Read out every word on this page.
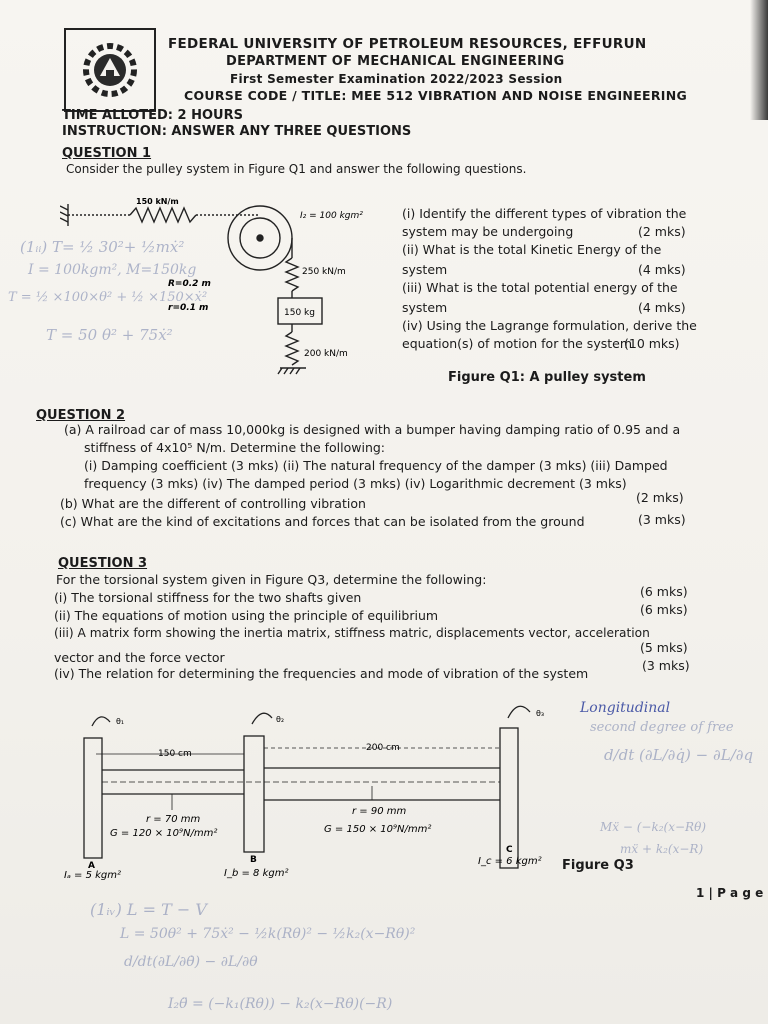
FEDERAL UNIVERSITY OF PETROLEUM RESOURCES, EFFURUN
DEPARTMENT OF MECHANICAL ENGINEERING
First Semester Examination 2022/2023 Session
COURSE CODE / TITLE: MEE 512 VIBRATION AND NOISE ENGINEERING
TIME ALLOTED: 2 HOURS
INSTRUCTION: ANSWER ANY THREE QUESTIONS
QUESTION 1
Consider the pulley system in Figure Q1 and answer the following questions.
150 kN/m
I₂ = 100 kgm²
R=0.2 m
r=0.1 m
250 kN/m
150 kg
200 kN/m
(i) Identify the different types of vibration the
system may be undergoing	(2 mks)
(ii) What is the total Kinetic Energy of the
system	(4 mks)
(iii) What is the total potential energy of the
system	(4 mks)
(iv) Using the Lagrange formulation, derive the
equation(s) of motion for the system
(10 mks)
Figure Q1: A pulley system
QUESTION 2
(a) A railroad car of mass 10,000kg is designed with a bumper having damping ratio of 0.95 and a
stiffness of 4x10⁵ N/m. Determine the following:
(i) Damping coefficient (3 mks) (ii) The natural frequency of the damper (3 mks) (iii) Damped
frequency (3 mks) (iv) The damped period (3 mks) (iv) Logarithmic decrement (3 mks)
(b) What are the different of controlling vibration	(2 mks)
(c) What are the kind of excitations and forces that can be isolated from the ground	(3 mks)
QUESTION 3
For the torsional system given in Figure Q3, determine the following:
(i) The torsional stiffness for the two shafts given	(6 mks)
(ii) The equations of motion using the principle of equilibrium	(6 mks)
(iii) A matrix form showing the inertia matrix, stiffness matric, displacements vector, acceleration
vector and the force vector
(5 mks)
(iv) The relation for determining the frequencies and mode of vibration of the system
(3 mks)
150 cm
200 cm
r = 70 mm
G = 120 × 10⁹N/mm²
r = 90 mm
G = 150 × 10⁹N/mm²
A
B
C
Iₐ = 5 kgm²	I_b = 8 kgm²
I_c = 6 kgm²
θ₁	θ₂
θ₃
Figure Q3
1 | P a g e
(1ᵢᵢ) T= ½ 30²+ ½mẋ²
I = 100kgm², M=150kg
T = ½ ×100×θ² + ½ ×150×ẋ²
T = 50 θ² + 75ẋ²
Longitudinal
second degree of free
d/dt (∂L/∂q̇) − ∂L/∂q
Mẍ − (−k₂(x−Rθ)
mẍ + k₂(x−R)
(1ᵢᵥ) L = T − V
L = 50θ² + 75ẋ² − ½k(Rθ)² − ½k₂(x−Rθ)²
d/dt(∂L/∂θ̇) − ∂L/∂θ
I₂θ̈ = (−k₁(Rθ)) − k₂(x−Rθ)(−R)
